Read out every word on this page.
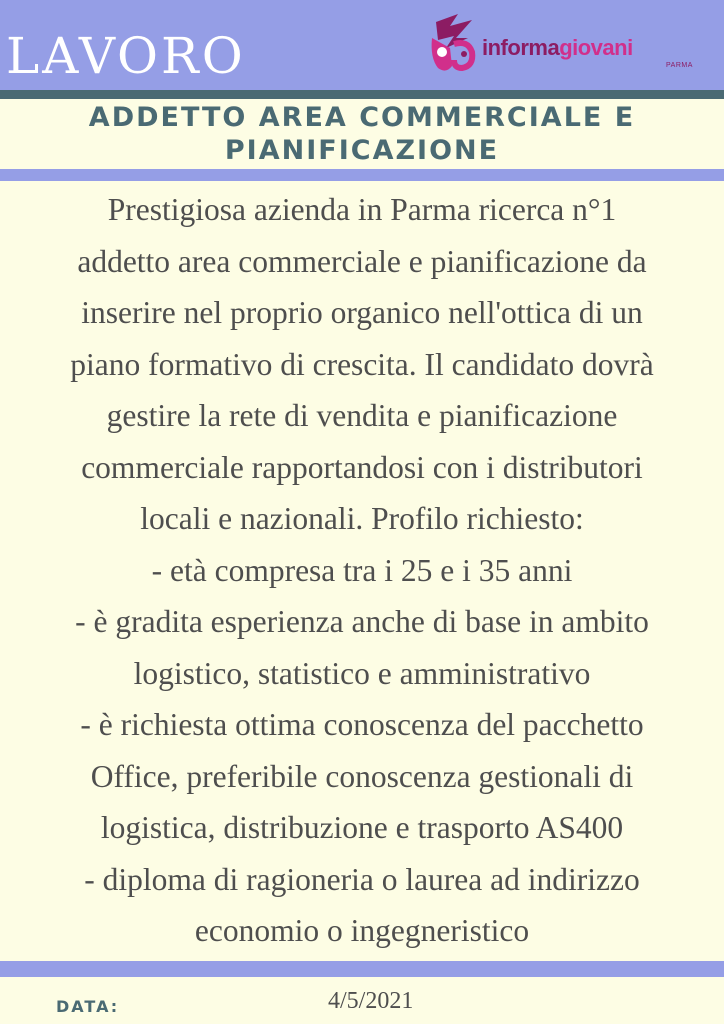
LAVORO	informagiovani
PARMA
ADDETTO AREA COMMERCIALE E PIANIFICAZIONE
Prestigiosa azienda in Parma ricerca n°1
addetto area commerciale e pianificazione da
inserire nel proprio organico nell'ottica di un
piano formativo di crescita. Il candidato dovrà
gestire la rete di vendita e pianificazione
commerciale rapportandosi con i distributori
locali e nazionali. Profilo richiesto:
- età compresa tra i 25 e i 35 anni
- è gradita esperienza anche di base in ambito
logistico, statistico e amministrativo
- è richiesta ottima conoscenza del pacchetto
Office, preferibile conoscenza gestionali di
logistica, distribuzione e trasporto AS400
- diploma di ragioneria o laurea ad indirizzo
economio o ingegneristico
DATA:	4/5/2021
